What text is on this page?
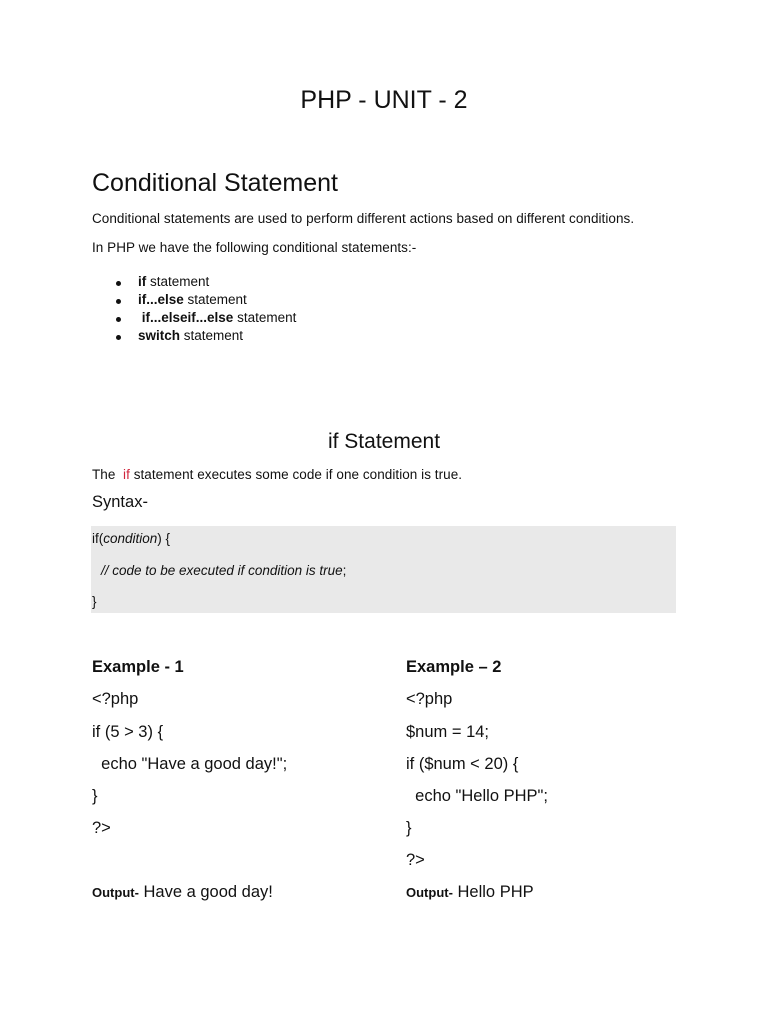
PHP - UNIT - 2
Conditional Statement
Conditional statements are used to perform different actions based on different conditions.
In PHP we have the following conditional statements:-
if statement
if...else statement
if...elseif...else statement
switch statement
if Statement
The  if statement executes some code if one condition is true.
Syntax-
if(condition) {
// code to be executed if condition is true;
}
Example - 1
<?php
if (5 > 3) {
echo "Have a good day!";
}
?>
Output- Have a good day!
Example – 2
<?php
$num = 14;
if ($num < 20) {
echo "Hello PHP";
}
?>
Output- Hello PHP
